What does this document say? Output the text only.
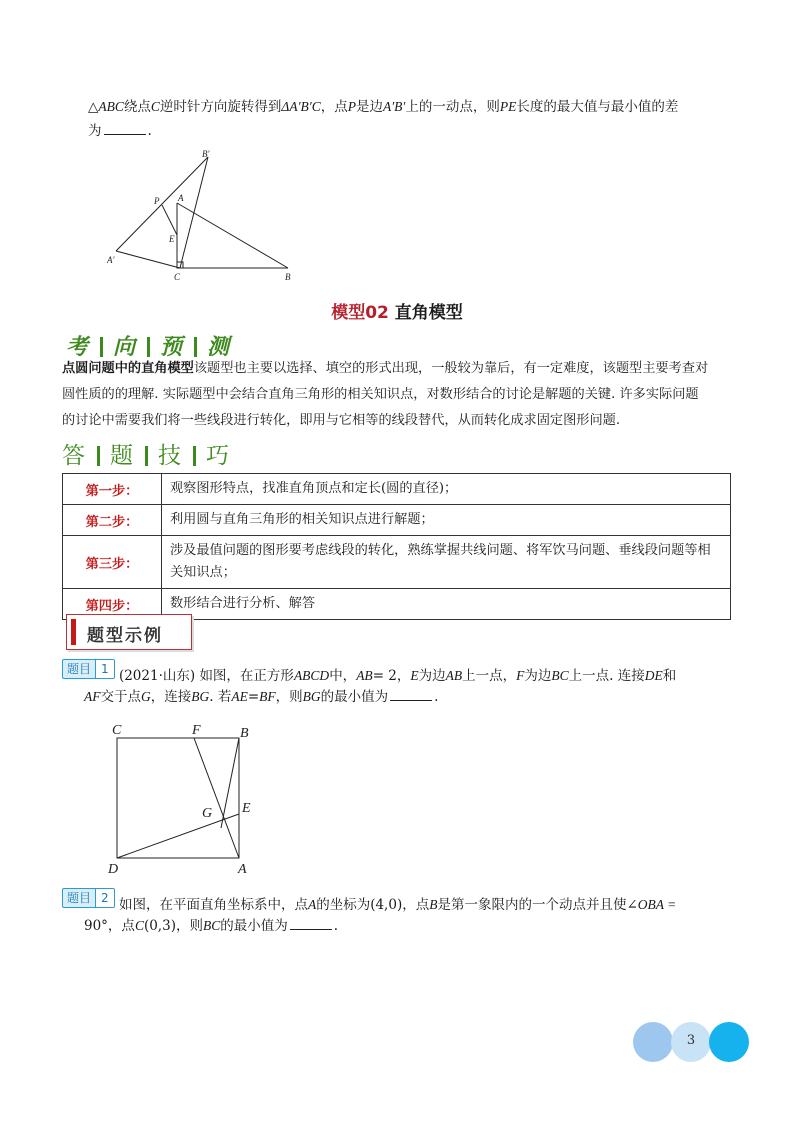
△ABC绕点C逆时针方向旋转得到ΔA′B′C，点P是边A′B′上的一动点，则PE长度的最大值与最小值的差
为	.
B′
P A
E
A′
C	B
模型02 直角模型
考 向 预 测
点圆问题中的直角模型该题型也主要以选择、填空的形式出现，一般较为靠后，有一定难度，该题型主要考查对
圆性质的的理解. 实际题型中会结合直角三角形的相关知识点，对数形结合的讨论是解题的关键. 许多实际问题
的讨论中需要我们将一些线段进行转化，即用与它相等的线段替代，从而转化成求固定图形问题.
答 题 技 巧
第一步：	观察图形特点，找准直角顶点和定长(圆的直径)；
第二步：	利用圆与直角三角形的相关知识点进行解题；
第三步：	涉及最值问题的图形要考虑线段的转化，熟练掌握共线问题、将军饮马问题、垂线段问题等相关知识点；
第四步：	数形结合进行分析、解答
题型示例
题目 1 (2021·山东) 如图，在正方形ABCD中，AB= 2，E为边AB上一点，F为边BC上一点. 连接DE和
AF交于点G，连接BG. 若AE=BF，则BG的最小值为	.
C	F	B
G E
D	A
题目 2 如图，在平面直角坐标系中，点A的坐标为(4,0)，点B是第一象限内的一个动点并且使∠OBA =
90°，点C(0,3)，则BC的最小值为	.
3
